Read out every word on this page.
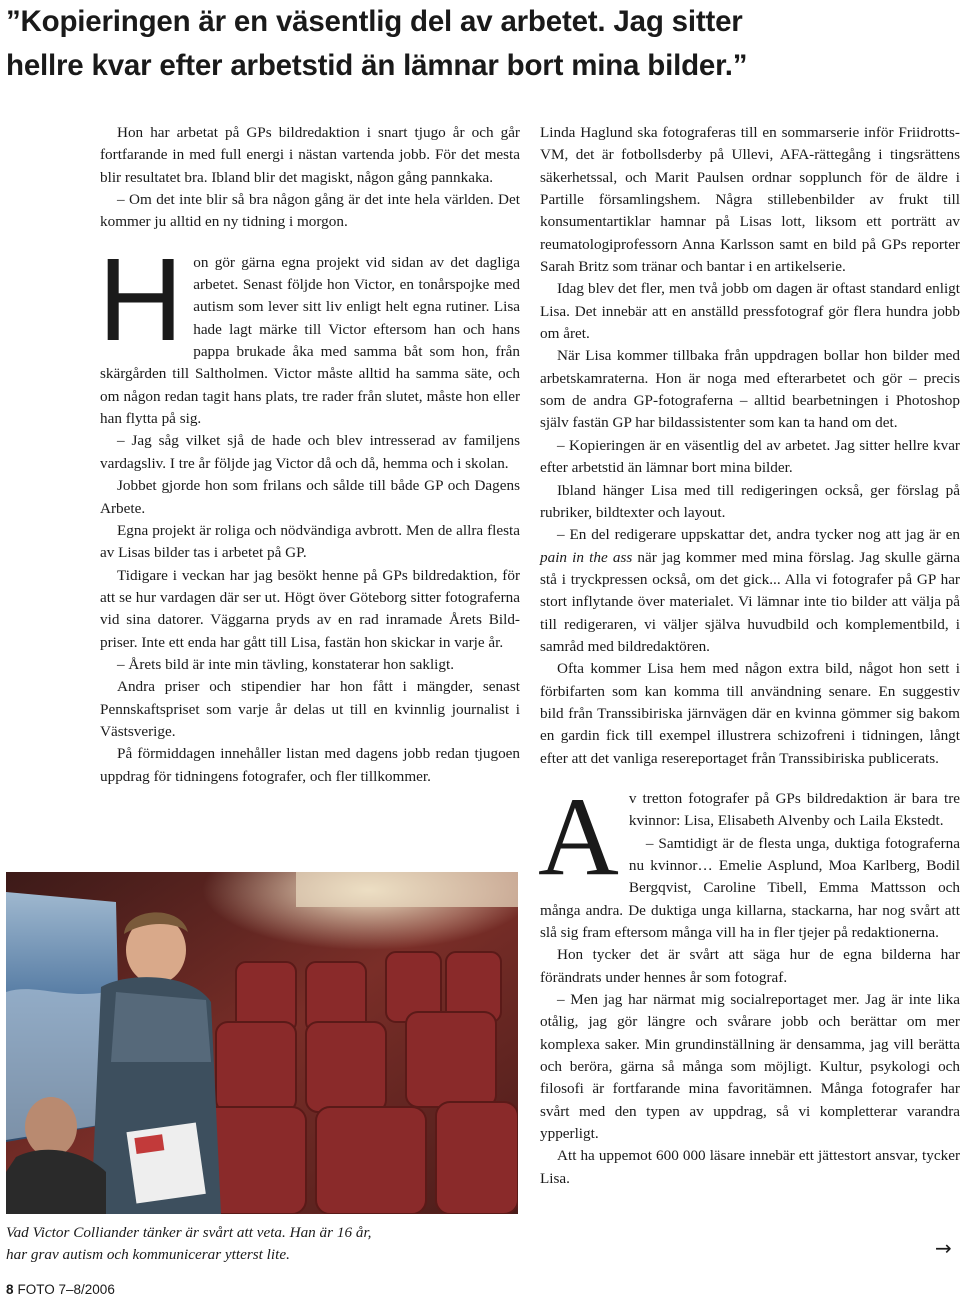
”Kopieringen är en väsentlig del av arbetet. Jag sitter
hellre kvar efter arbetstid än lämnar bort mina bilder.”

Hon har arbetat på GPs bildredaktion i snart tjugo år och går fortfarande in med full energi i nästan vartenda jobb. För det mesta blir resultatet bra. Ibland blir det magiskt, någon gång pannkaka.

– Om det inte blir så bra någon gång är det inte hela världen. Det kommer ju alltid en ny tidning i morgon.

Hon gör gärna egna projekt vid sidan av det dagliga arbetet. Senast följde hon Victor, en tonårspojke med autism som lever sitt liv enligt helt egna rutiner. Lisa hade lagt märke till Victor eftersom han och hans pappa brukade åka med samma båt som hon, från skärgården till Saltholmen. Victor måste alltid ha samma säte, och om någon redan tagit hans plats, tre rader från slutet, måste hon eller han flytta på sig.

– Jag såg vilket sjå de hade och blev intresserad av familjens vardagsliv. I tre år följde jag Victor då och då, hemma och i skolan.

Jobbet gjorde hon som frilans och sålde till både GP och Dagens Arbete.

Egna projekt är roliga och nödvändiga avbrott. Men de allra flesta av Lisas bilder tas i arbetet på GP.

Tidigare i veckan har jag besökt henne på GPs bildredaktion, för att se hur vardagen där ser ut. Högt över Göteborg sitter fotograferna vid sina datorer. Väggarna pryds av en rad inramade Årets Bild-priser. Inte ett enda har gått till Lisa, fastän hon skickar in varje år.

– Årets bild är inte min tävling, konstaterar hon sakligt.

Andra priser och stipendier har hon fått i mängder, senast Pennskaftspriset som varje år delas ut till en kvinnlig journalist i Västsverige.

På förmiddagen innehåller listan med dagens jobb redan tjugoen uppdrag för tidningens fotografer, och fler tillkommer.

Linda Haglund ska fotograferas till en sommarserie inför Friidrotts-VM, det är fotbollsderby på Ullevi, AFA-rättegång i tingsrättens säkerhetssal, och Marit Paulsen ordnar sopplunch för de äldre i Partille församlingshem. Några stillebenbilder av frukt till konsumentartiklar hamnar på Lisas lott, liksom ett porträtt av reumatologiprofessorn Anna Karlsson samt en bild på GPs reporter Sarah Britz som tränar och bantar i en artikelserie.

Idag blev det fler, men två jobb om dagen är oftast standard enligt Lisa. Det innebär att en anställd pressfotograf gör flera hundra jobb om året.

När Lisa kommer tillbaka från uppdragen bollar hon bilder med arbetskamraterna. Hon är noga med efterarbetet och gör – precis som de andra GP-fotograferna – alltid bearbetningen i Photoshop själv fastän GP har bildassistenter som kan ta hand om det.

– Kopieringen är en väsentlig del av arbetet. Jag sitter hellre kvar efter arbetstid än lämnar bort mina bilder.

Ibland hänger Lisa med till redigeringen också, ger förslag på rubriker, bildtexter och layout.

– En del redigerare uppskattar det, andra tycker nog att jag är en pain in the ass när jag kommer med mina förslag. Jag skulle gärna stå i tryckpressen också, om det gick... Alla vi fotografer på GP har stort inflytande över materialet. Vi lämnar inte tio bilder att välja på till redigeraren, vi väljer själva huvudbild och komplementbild, i samråd med bildredaktören.

Ofta kommer Lisa hem med någon extra bild, något hon sett i förbifarten som kan komma till användning senare. En suggestiv bild från Transsibiriska järnvägen där en kvinna gömmer sig bakom en gardin fick till exempel illustrera schizofreni i tidningen, långt efter att det vanliga resereportaget från Transsibiriska publicerats.

Av tretton fotografer på GPs bildredaktion är bara tre kvinnor: Lisa, Elisabeth Alvenby och Laila Ekstedt.

– Samtidigt är de flesta unga, duktiga fotograferna nu kvinnor… Emelie Asplund, Moa Karlberg, Bodil Bergqvist, Caroline Tibell, Emma Mattsson och många andra. De duktiga unga killarna, stackarna, har nog svårt att slå sig fram eftersom många vill ha in fler tjejer på redaktionerna.

Hon tycker det är svårt att säga hur de egna bilderna har förändrats under hennes år som fotograf.

– Men jag har närmat mig socialreportaget mer. Jag är inte lika otålig, jag gör längre och svårare jobb och berättar om mer komplexa saker. Min grundinställning är densamma, jag vill berätta och beröra, gärna så många som möjligt. Kultur, psykologi och filosofi är fortfarande mina favoritämnen. Många fotografer har svårt med den typen av uppdrag, så vi kompletterar varandra ypperligt.

Att ha uppemot 600 000 läsare innebär ett jättestort ansvar, tycker Lisa.

Vad Victor Colliander tänker är svårt att veta. Han är 16 år,
har grav autism och kommunicerar ytterst lite.
8 FOTO 7–8/2006
→
